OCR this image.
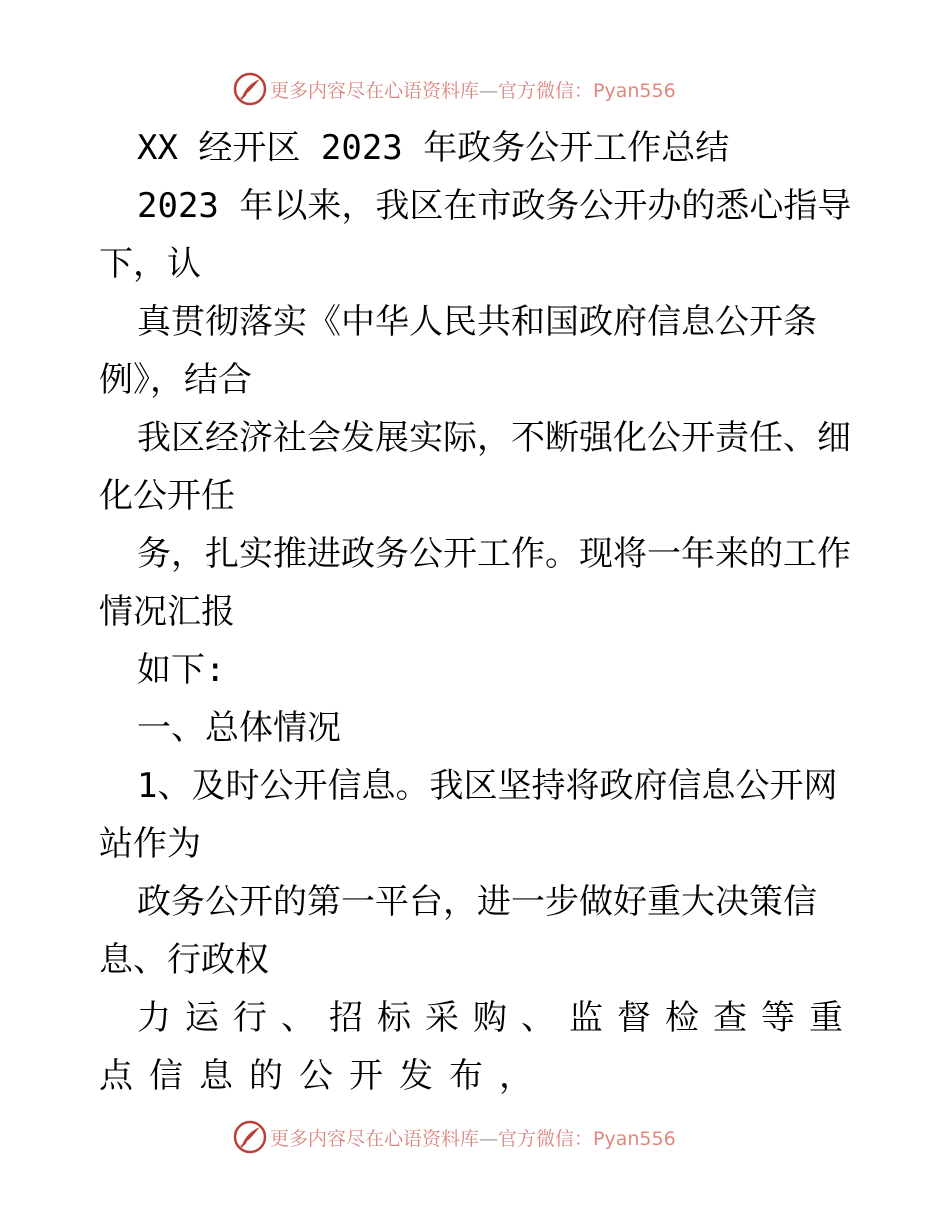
更多内容尽在心语资料库—官方微信：Pyan556
XX 经开区 2023 年政务公开工作总结
2023 年以来，我区在市政务公开办的悉心指导
下，认
真贯彻落实《中华人民共和国政府信息公开条
例》，结合
我区经济社会发展实际，不断强化公开责任、细
化公开任
务，扎实推进政务公开工作。现将一年来的工作
情况汇报
如下:
一、总体情况
1、及时公开信息。我区坚持将政府信息公开网
站作为
政务公开的第一平台，进一步做好重大决策信
息、行政权
力运行、招标采购、监督检查等重
点信息的公开发布，
更多内容尽在心语资料库—官方微信：Pyan556
